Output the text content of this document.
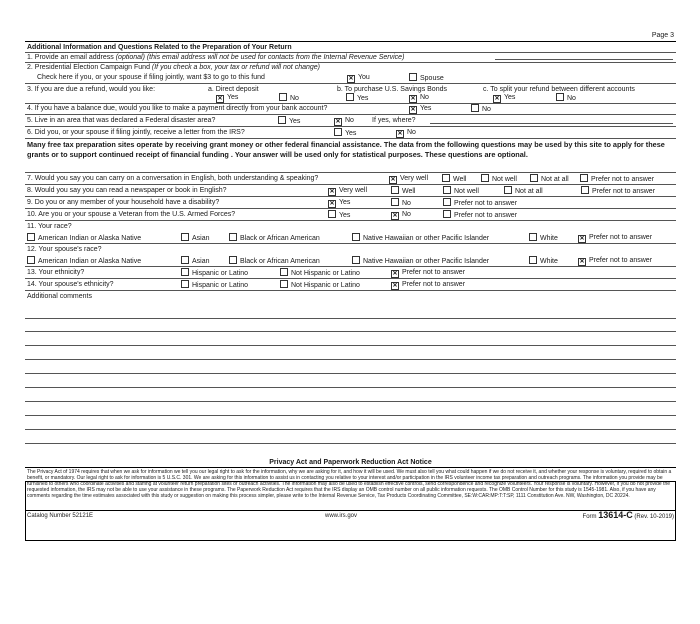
Page 3
Additional Information and Questions Related to the Preparation of Your Return
1. Provide an email address (optional) (this email address will not be used for contacts from the Internal Revenue Service)
2. Presidential Election Campaign Fund (If you check a box, your tax or refund will not change)
Check here if you, or your spouse if filing jointly, want $3 to go to this fund ✕	You	Spouse
3. If you are due a refund, would you like:	a. Direct deposit	b. To purchase U.S. Savings Bonds	c. To split your refund between different accounts
✕Yes	No	Yes ✕	No ✕	Yes	No
4. If you have a balance due, would you like to make a payment directly from your bank account? ✕	Yes	No
5. Live in an area that was declared a Federal disaster area?	Yes ✕	No	If yes, where?
6. Did you, or your spouse if filing jointly, receive a letter from the IRS?	Yes ✕	No
Many free tax preparation sites operate by receiving grant money or other federal financial assistance. The data from the following questions may be used by this site to apply for these grants or to support continued receipt of financial funding . Your answer will be used only for statistical purposes. These questions are optional.
7. Would you say you can carry on a conversation in English, both understanding & speaking? ✕	Very well	Well	Not well	Not at all	Prefer not to answer
8. Would you say you can read a newspaper or book in English? ✕	Very well	Well	Not well	Not at all	Prefer not to answer
9. Do you or any member of your household have a disability? ✕	Yes	No	Prefer not to answer
10. Are you or your spouse a Veteran from the U.S. Armed Forces?	Yes ✕	No	Prefer not to answer
11. Your race?
American Indian or Alaska Native	Asian	Black or African American	Native Hawaiian or other Pacific Islander	White ✕	Prefer not to answer
12. Your spouse's race?
American Indian or Alaska Native	Asian	Black or African American	Native Hawaiian or other Pacific Islander	White ✕	Prefer not to answer
13. Your ethnicity?	Hispanic or Latino	Not Hispanic or Latino ✕	Prefer not to answer
14. Your spouse's ethnicity?	Hispanic or Latino	Not Hispanic or Latino ✕	Prefer not to answer
Additional comments
Privacy Act and Paperwork Reduction Act Notice
The Privacy Act of 1974 requires that when we ask for information we tell you our legal right to ask for the information, why we are asking for it, and how it will be used. We must also tell you what could happen if we do not receive it, and whether your response is voluntary, required to obtain a benefit, or mandatory. Our legal right to ask for information is 5 U.S.C. 301. We are asking for this information to assist us in contacting you relative to your interest and/or participation in the IRS volunteer income tax preparation and outreach programs. The information you provide may be furnished to others who coordinate activities and staffing at volunteer return preparation sites or outreach activities. The information may also be used to establish effective controls, send correspondence and recognize volunteers. Your response is voluntary. However, if you do not provide the requested information, the IRS may not be able to use your assistance in these programs. The Paperwork Reduction Act requires that the IRS display an OMB control number on all public information requests. The OMB Control Number for this study is 1545-1981. Also, if you have any comments regarding the time estimates associated with this study or suggestion on making this process simpler, please write to the Internal Revenue Service, Tax Products Coordinating Committee, SE:W:CAR:MP:T:T:SP, 1111 Constitution Ave. NW, Washington, DC 20224.
Catalog Number 52121E	www.irs.gov	Form 13614-C (Rev. 10-2019)
